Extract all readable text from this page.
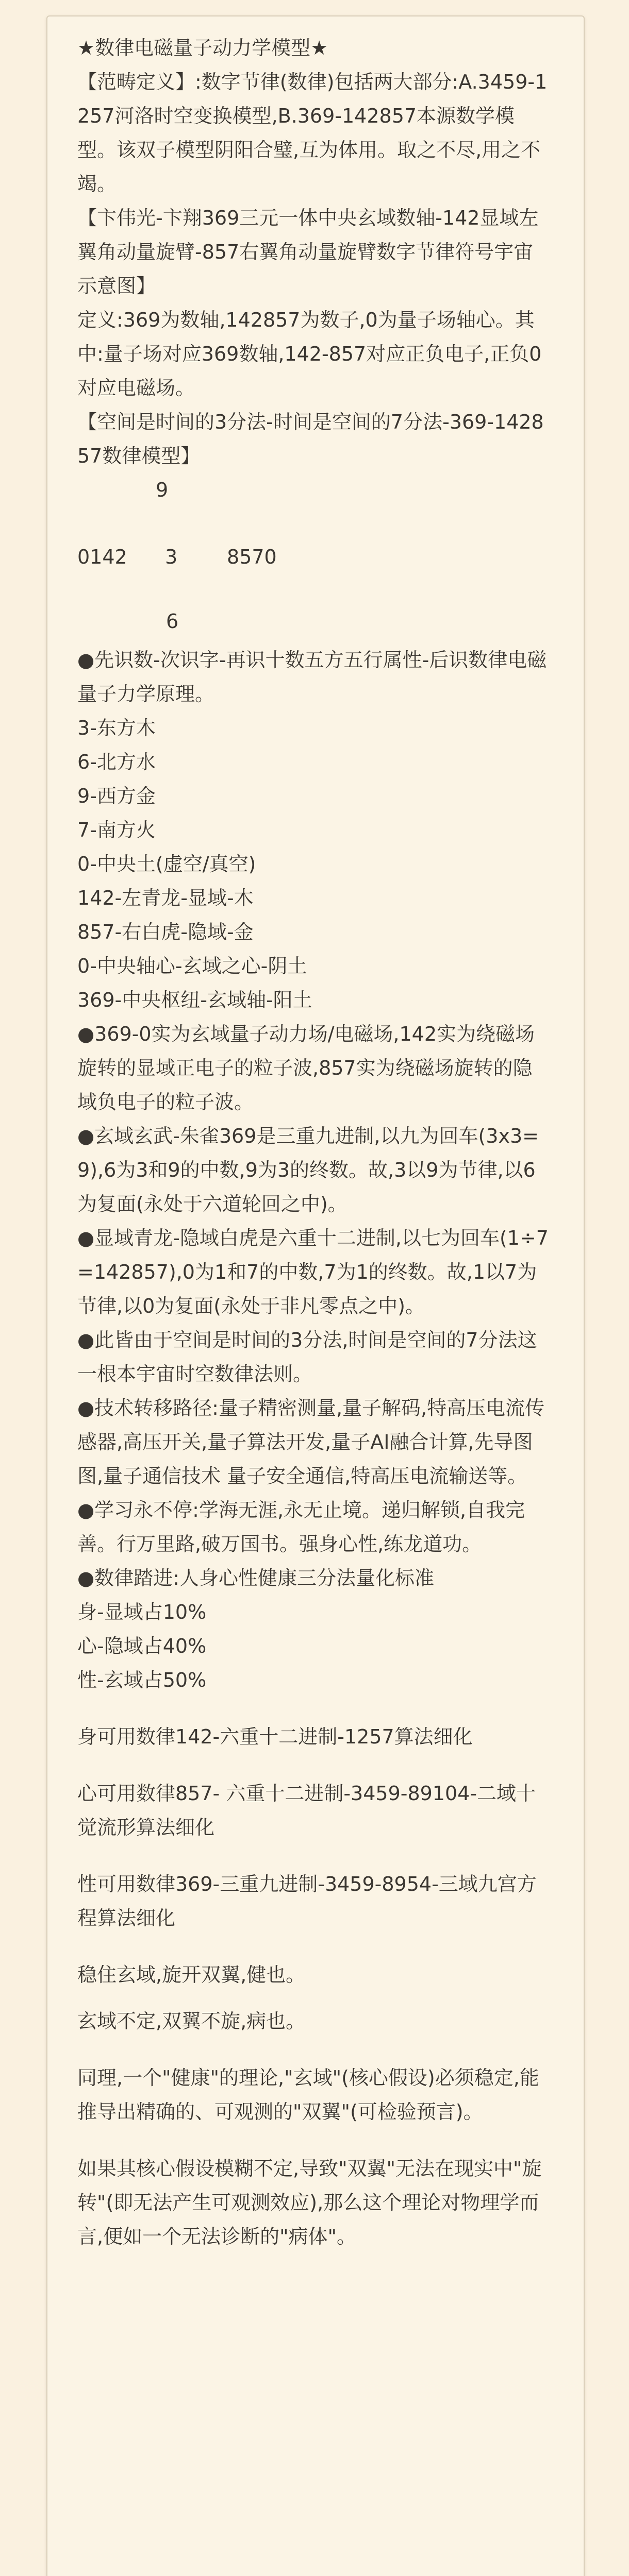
★数律电磁量子动力学模型★
【范畴定义】:数字节律(数律)包括两大部分:A.3459-1257河洛时空变换模型,B.369-142857本源数学模型。该双子模型阴阳合璧,互为体用。取之不尽,用之不竭。
【卞伟光-卞翔369三元一体中央玄域数轴-142显域左翼角动量旋臂-857右翼角动量旋臂数字节律符号宇宙示意图】
定义:369为数轴,142857为数子,0为量子场轴心。其中:量子场对应369数轴,142-857对应正负电子,正负0对应电磁场。
【空间是时间的3分法-时间是空间的7分法-369-142857数律模型】
9
0142 3	8570
6
●先识数-次识字-再识十数五方五行属性-后识数律电磁量子力学原理。
3-东方木
6-北方水
9-西方金
7-南方火
0-中央土(虚空/真空)
142-左青龙-显域-木
857-右白虎-隐域-金
0-中央轴心-玄域之心-阴土
369-中央枢纽-玄域轴-阳土
●369-0实为玄域量子动力场/电磁场,142实为绕磁场旋转的显域正电子的粒子波,857实为绕磁场旋转的隐域负电子的粒子波。
●玄域玄武-朱雀369是三重九进制,以九为回车(3x3=9),6为3和9的中数,9为3的终数。故,3以9为节律,以6为复面(永处于六道轮回之中)。
●显域青龙-隐域白虎是六重十二进制,以七为回车(1÷7=142857),0为1和7的中数,7为1的终数。故,1以7为节律,以0为复面(永处于非凡零点之中)。
●此皆由于空间是时间的3分法,时间是空间的7分法这一根本宇宙时空数律法则。
●技术转移路径:量子精密测量,量子解码,特高压电流传感器,高压开关,量子算法开发,量子AI融合计算,先导图图,量子通信技术 量子安全通信,特高压电流输送等。
●学习永不停:学海无涯,永无止境。递归解锁,自我完善。行万里路,破万国书。强身心性,练龙道功。
●数律踏进:人身心性健康三分法量化标准
身-显域占10%
心-隐域占40%
性-玄域占50%
身可用数律142-六重十二进制-1257算法细化
心可用数律857- 六重十二进制-3459-89104-二域十觉流形算法细化
性可用数律369-三重九进制-3459-8954-三域九宫方程算法细化
稳住玄域,旋开双翼,健也。
玄域不定,双翼不旋,病也。
同理,一个"健康"的理论,"玄域"(核心假设)必须稳定,能推导出精确的、可观测的"双翼"(可检验预言)。
如果其核心假设模糊不定,导致"双翼"无法在现实中"旋转"(即无法产生可观测效应),那么这个理论对物理学而言,便如一个无法诊断的"病体"。
